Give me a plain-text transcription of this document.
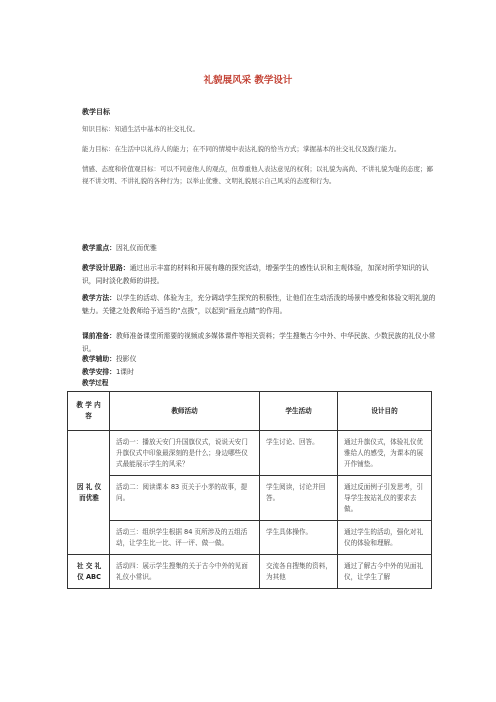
礼貌展风采 教学设计
教学目标

知识目标：知道生活中基本的社交礼仪。

能力目标：在生活中以礼待人的能力；在不同的情境中表达礼貌的恰当方式；掌握基本的社交礼仪及践行能力。

情感、态度和价值观目标：可以不同意他人的观点，但尊重他人表达意见的权利；以礼貌为高尚、不讲礼貌为耻的态度；鄙视不讲文明、不讲礼貌的各种行为；以举止优雅、文明礼貌展示自己风采的态度和行为。

教学重点：因礼仪而优雅
教学设计思路：通过出示丰富的材料和开展有趣的探究活动，增强学生的感性认识和主观体验，加深对所学知识的认识，同时淡化教师的讲授。
教学方法：以学生的活动、体验为主，充分调动学生探究的积极性，让他们在生动活泼的场景中感受和体验文明礼貌的魅力。关键之处教师给予适当的“点拨”，以起到“画龙点睛”的作用。
课前准备：教师准备课堂所需要的视频或多媒体课件等相关资料；学生搜集古今中外、中华民族、少数民族的礼仪小常识。
教学辅助：投影仪
教学安排：1课时
教学过程
教 学 内 容	教师活动	学生活动	设计目的
因 礼 仪 而优雅	活动一：播放天安门升国旗仪式，说说天安门升旗仪式中印象最深刻的是什么；身边哪些仪式最能展示学生的风采？	学生讨论、回答。	通过升旗仪式，体验礼仪优雅给人的感受，为课本的展开作铺垫。
	活动二：阅读课本 83 页关于小茅的故事，提问。	学生阅读，讨论并回答。	通过反面例子引发思考，引导学生按站礼仪的要求去做。
	活动三：组织学生根据 84 页所涉及的五组活动，让学生比一比、评一评、做一做。	学生具体操作。	通过学生的活动，强化对礼仪的体验和理解。
社 交 礼 仪 ABC	活动四：展示学生搜集的关于古今中外的见面礼仪小常识。	交流各自搜集的资料，为其他	通过了解古今中外的见面礼仪，让学生了解
